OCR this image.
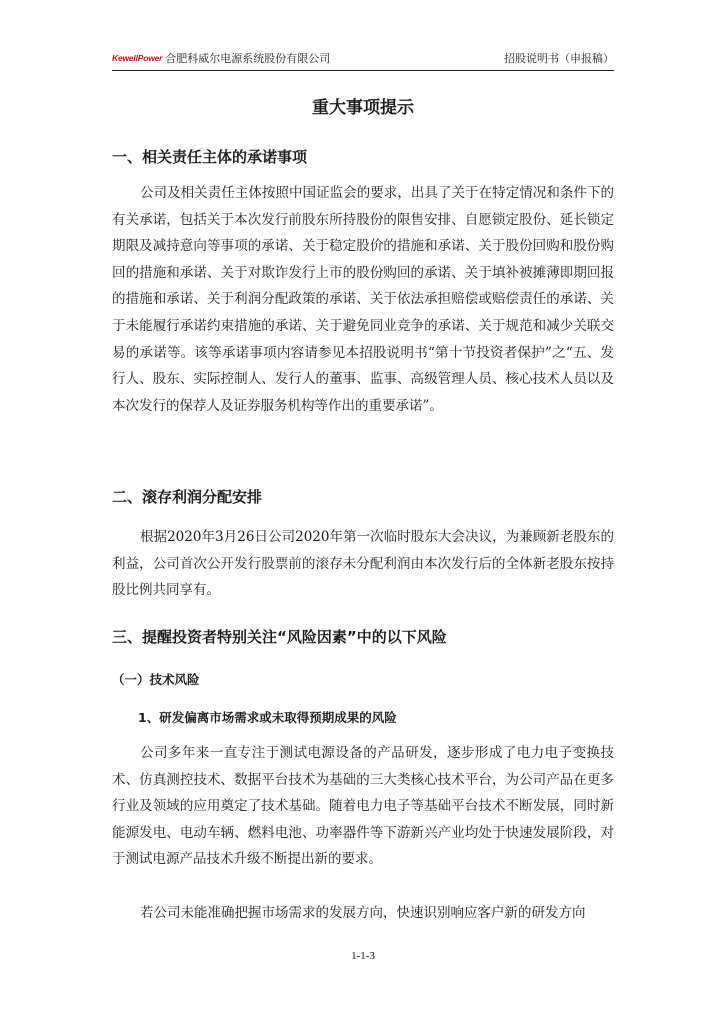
KewellPower 合肥科威尔电源系统股份有限公司	招股说明书（申报稿）
重大事项提示
一、相关责任主体的承诺事项

公司及相关责任主体按照中国证监会的要求，出具了关于在特定情况和条件下的有关承诺，包括关于本次发行前股东所持股份的限售安排、自愿锁定股份、延长锁定期限及减持意向等事项的承诺、关于稳定股价的措施和承诺、关于股份回购和股份购回的措施和承诺、关于对欺诈发行上市的股份购回的承诺、关于填补被摊薄即期回报的措施和承诺、关于利润分配政策的承诺、关于依法承担赔偿或赔偿责任的承诺、关于未能履行承诺约束措施的承诺、关于避免同业竞争的承诺、关于规范和减少关联交易的承诺等。该等承诺事项内容请参见本招股说明书“第十节投资者保护”之“五、发行人、股东、实际控制人、发行人的董事、监事、高级管理人员、核心技术人员以及本次发行的保荐人及证券服务机构等作出的重要承诺”。

二、滚存利润分配安排

根据2020年3月26日公司2020年第一次临时股东大会决议，为兼顾新老股东的利益，公司首次公开发行股票前的滚存未分配利润由本次发行后的全体新老股东按持股比例共同享有。

三、提醒投资者特别关注“风险因素”中的以下风险
（一）技术风险
1、研发偏离市场需求或未取得预期成果的风险

公司多年来一直专注于测试电源设备的产品研发，逐步形成了电力电子变换技术、仿真测控技术、数据平台技术为基础的三大类核心技术平台，为公司产品在更多行业及领域的应用奠定了技术基础。随着电力电子等基础平台技术不断发展，同时新能源发电、电动车辆、燃料电池、功率器件等下游新兴产业均处于快速发展阶段，对于测试电源产品技术升级不断提出新的要求。

若公司未能准确把握市场需求的发展方向，快速识别响应客户新的研发方向

1-1-3
